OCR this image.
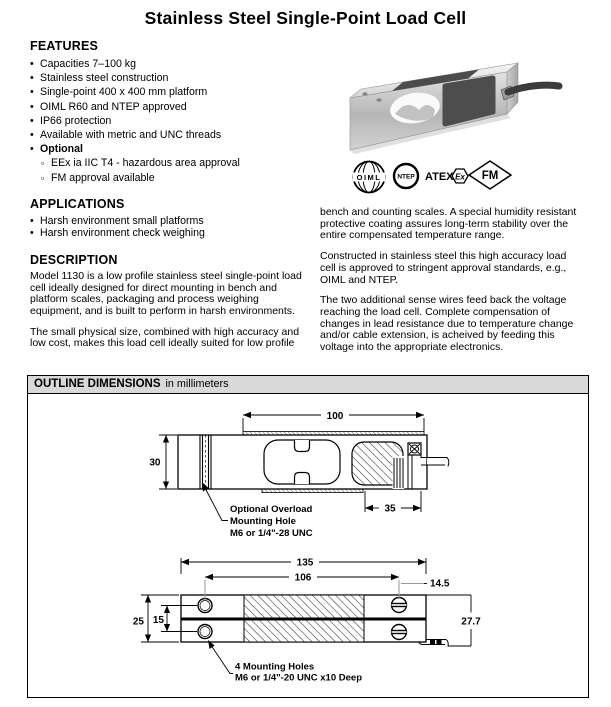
Stainless Steel Single-Point Load Cell
FEATURES
• Capacities 7–100 kg
• Stainless steel construction
• Single-point 400 x 400 mm platform
• OIML R60 and NTEP approved
• IP66 protection
• Available with metric and UNC threads
• Optional
▫ EEx ia IIC T4 - hazardous area approval
▫ FM approval available
APPLICATIONS
• Harsh environment small platforms
• Harsh environment check weighing
DESCRIPTION

Model 1130 is a low profile stainless steel single-point load cell ideally designed for direct mounting in bench and platform scales, packaging and process weighing equipment, and is built to perform in harsh environments.

The small physical size, combined with high accuracy and low cost, makes this load cell ideally suited for low profile

OIML NTEP ATEX Ex FM

bench and counting scales. A special humidity resistant protective coating assures long-term stability over the entire compensated temperature range.

Constructed in stainless steel this high accuracy load cell is approved to stringent approval standards, e.g., OIML and NTEP.

The two additional sense wires feed back the voltage reaching the load cell. Complete compensation of changes in lead resistance due to temperature change and/or cable extension, is acheived by feeding this voltage into the appropriate electronics.

OUTLINE DIMENSIONS in millimeters
100
30
35
Optional Overload
Mounting Hole
M6 or 1/4"-28 UNC
135
106
14.5
25 15	27.7
4 Mounting Holes
M6 or 1/4"-20 UNC x10 Deep
